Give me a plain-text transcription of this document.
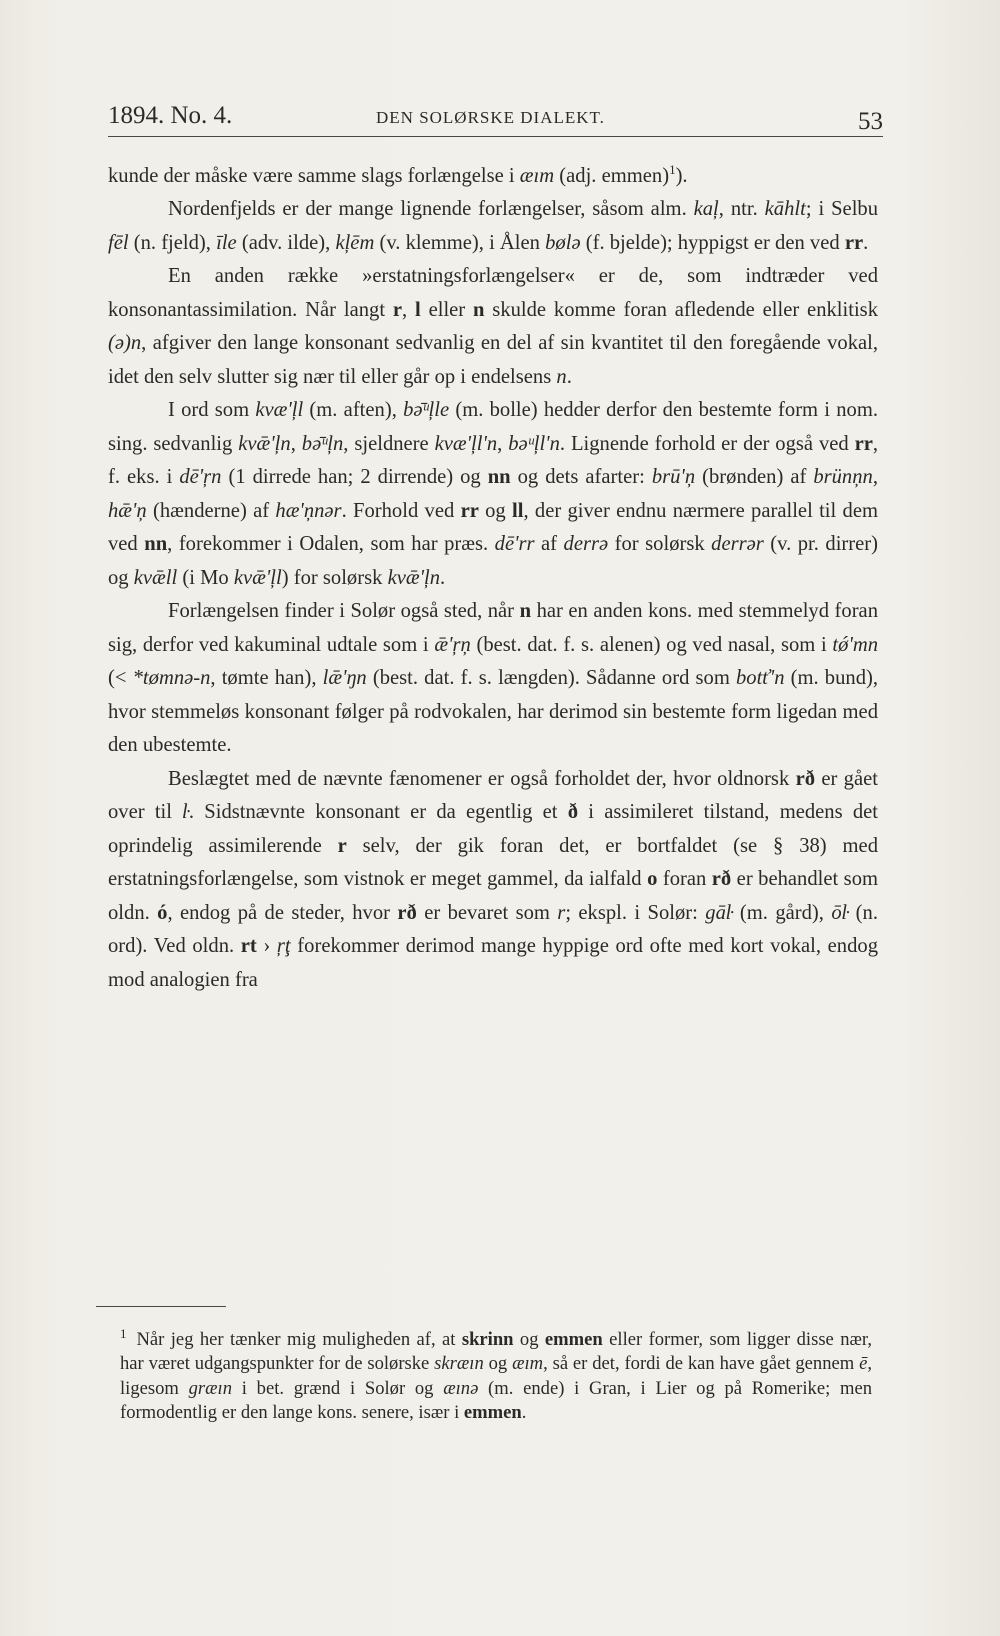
1894. No. 4.	DEN SOLØRSKE DIALEKT.	53

kunde der måske være samme slags forlængelse i æım (adj. emmen)$^1$).

Nordenfjelds er der mange lignende forlængelser, såsom alm. kaļ, ntr. kāhlt; i Selbu fēl (n. fjeld), īle (adv. ilde), kļēm (v. klemme), i Ålen bølə (f. bjelde); hyppigst er den ved rr.

En anden række »erstatningsforlængelser« er de, som indtræder ved konsonantassimilation. Når langt r, l eller n skulde komme foran afledende eller enklitisk (ə)n, afgiver den lange konsonant sedvanlig en del af sin kvantitet til den foregående vokal, idet den selv slutter sig nær til eller går op i endelsens n.

I ord som kvæ'ļl (m. aften), bə̄ᵘļle (m. bolle) hedder derfor den bestemte form i nom. sing. sedvanlig kvǣ'ļn, bə̄ᵘļn, sjeldnere kvæ'ļl'n, bəᵘļl'n. Lignende forhold er der også ved rr, f. eks. i dē'ŗn (1 dirrede han; 2 dirrende) og nn og dets afarter: brū'ņ (brønden) af brünņn, hǣ'ņ (hænderne) af hæ'ņnər. Forhold ved rr og ll, der giver endnu nærmere parallel til dem ved nn, forekommer i Odalen, som har præs. dē'rr af derrə for solørsk derrər (v. pr. dirrer) og kvǣll (i Mo kvǣ'ļl) for solørsk kvǣ'ļn.

Forlængelsen finder i Solør også sted, når n har en anden kons. med stemmelyd foran sig, derfor ved kakuminal udtale som i ǣ'ŗņ (best. dat. f. s. alenen) og ved nasal, som i tǿ'mn (< *tømnə-n, tømte han), lǣ'ŋn (best. dat. f. s. længden). Sådanne ord som botť'n (m. bund), hvor stemmeløs konsonant følger på rodvokalen, har derimod sin bestemte form ligedan med den ubestemte.

Beslægtet med de nævnte fænomener er også forholdet der, hvor oldnorsk rð er gået over til ŀ. Sidstnævnte konsonant er da egentlig et ð i assimileret tilstand, medens det oprindelig assimilerende r selv, der gik foran det, er bortfaldet (se § 38) med erstatningsforlængelse, som vistnok er meget gammel, da ialfald o foran rð er behandlet som oldn. ó, endog på de steder, hvor rð er bevaret som r; ekspl. i Solør: gāŀ (m. gård), ōŀ (n. ord). Ved oldn. rt › ŗţ forekommer derimod mange hyppige ord ofte med kort vokal, endog mod analogien fra

$^1$ Når jeg her tænker mig muligheden af, at skrinn og emmen eller former, som ligger disse nær, har været udgangspunkter for de solørske skræın og æım, så er det, fordi de kan have gået gennem ē, ligesom græın i bet. grænd i Solør og æınə (m. ende) i Gran, i Lier og på Romerike; men formodentlig er den lange kons. senere, især i emmen.
